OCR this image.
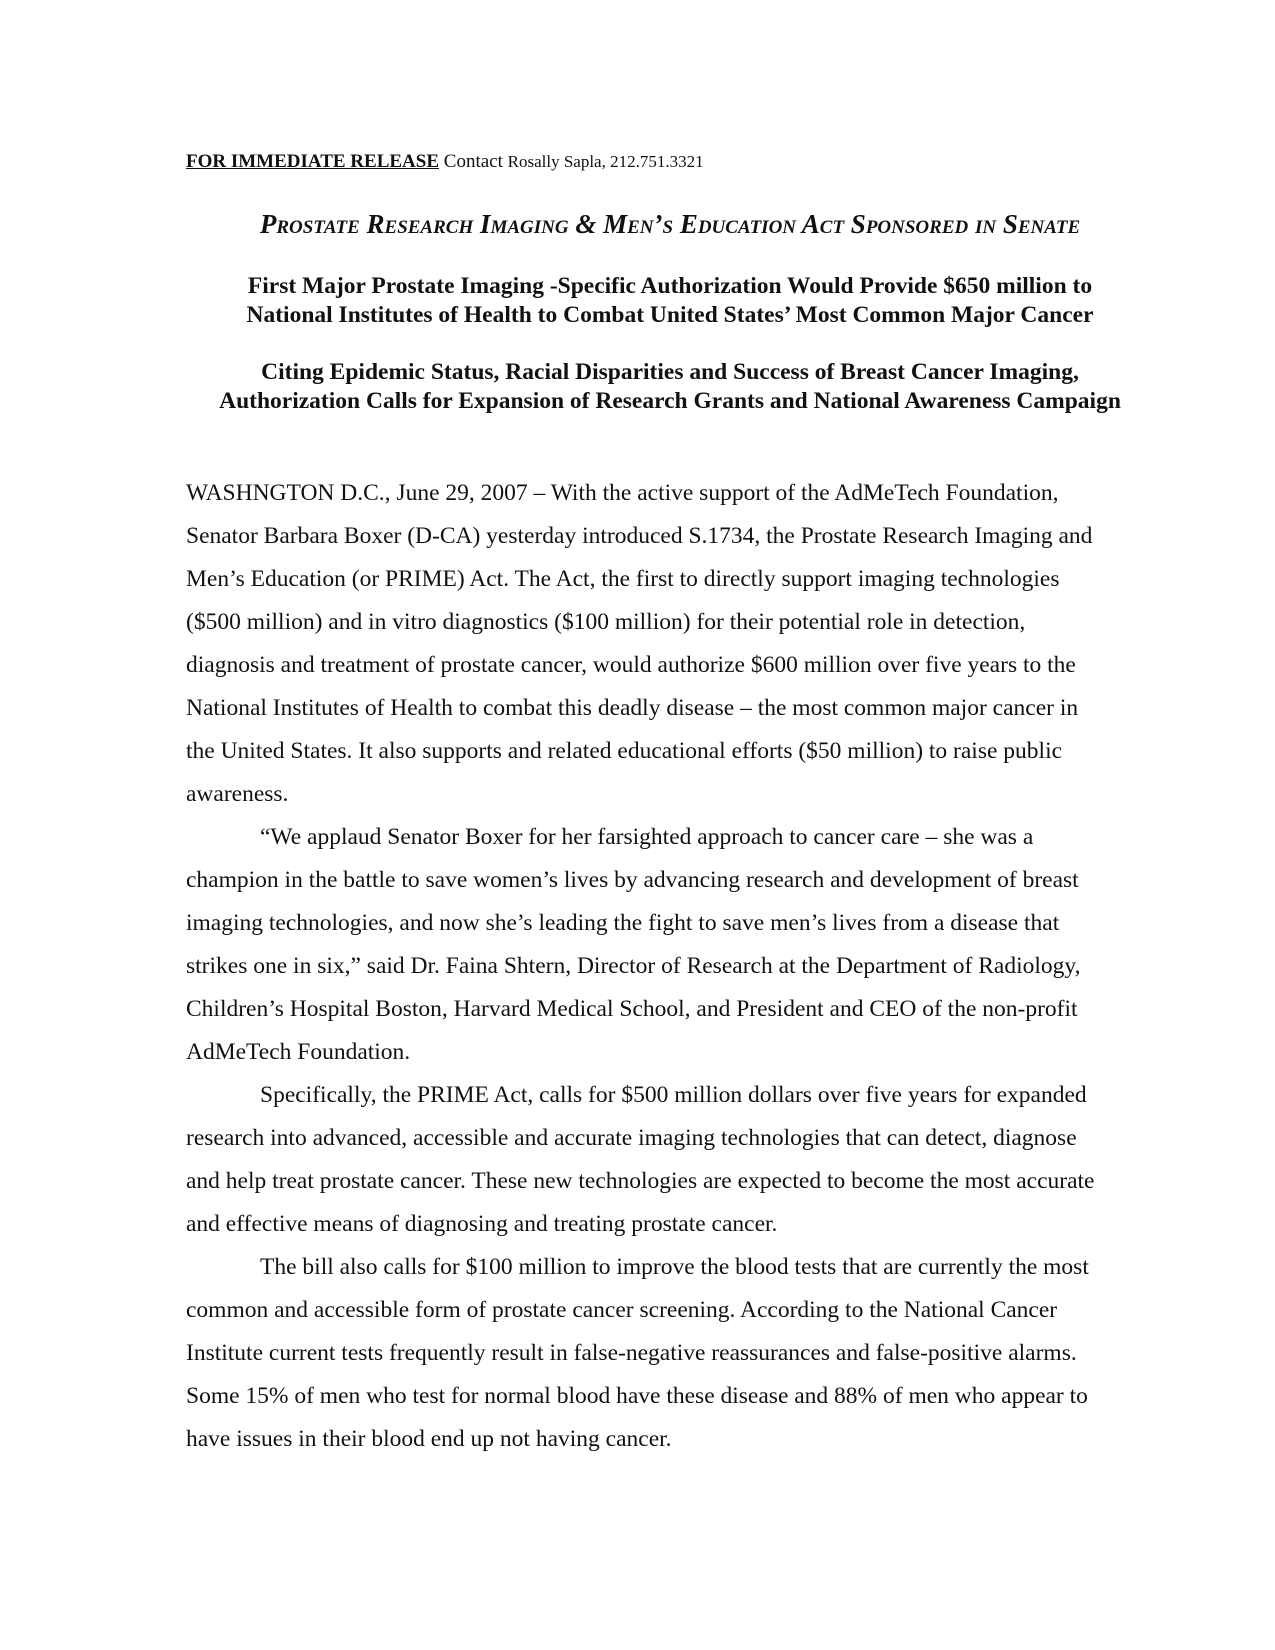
FOR IMMEDIATE RELEASE Contact Rosally Sapla, 212.751.3321
Prostate Research Imaging & Men’s Education Act Sponsored in Senate
First Major Prostate Imaging -Specific Authorization Would Provide $650 million to
National Institutes of Health to Combat United States’ Most Common Major Cancer
Citing Epidemic Status, Racial Disparities and Success of Breast Cancer Imaging,
Authorization Calls for Expansion of Research Grants and National Awareness Campaign

WASHNGTON D.C., June 29, 2007 – With the active support of the AdMeTech Foundation,
Senator Barbara Boxer (D-CA) yesterday introduced S.1734, the Prostate Research Imaging and
Men’s Education (or PRIME) Act. The Act, the first to directly support imaging technologies
($500 million) and in vitro diagnostics ($100 million) for their potential role in detection,
diagnosis and treatment of prostate cancer, would authorize $600 million over five years to the
National Institutes of Health to combat this deadly disease – the most common major cancer in
the United States. It also supports and related educational efforts ($50 million) to raise public
awareness.

“We applaud Senator Boxer for her farsighted approach to cancer care – she was a
champion in the battle to save women’s lives by advancing research and development of breast
imaging technologies, and now she’s leading the fight to save men’s lives from a disease that
strikes one in six,” said Dr. Faina Shtern, Director of Research at the Department of Radiology,
Children’s Hospital Boston, Harvard Medical School, and President and CEO of the non-profit
AdMeTech Foundation.

Specifically, the PRIME Act, calls for $500 million dollars over five years for expanded
research into advanced, accessible and accurate imaging technologies that can detect, diagnose
and help treat prostate cancer. These new technologies are expected to become the most accurate
and effective means of diagnosing and treating prostate cancer.

The bill also calls for $100 million to improve the blood tests that are currently the most
common and accessible form of prostate cancer screening. According to the National Cancer
Institute current tests frequently result in false-negative reassurances and false-positive alarms.
Some 15% of men who test for normal blood have these disease and 88% of men who appear to
have issues in their blood end up not having cancer.
